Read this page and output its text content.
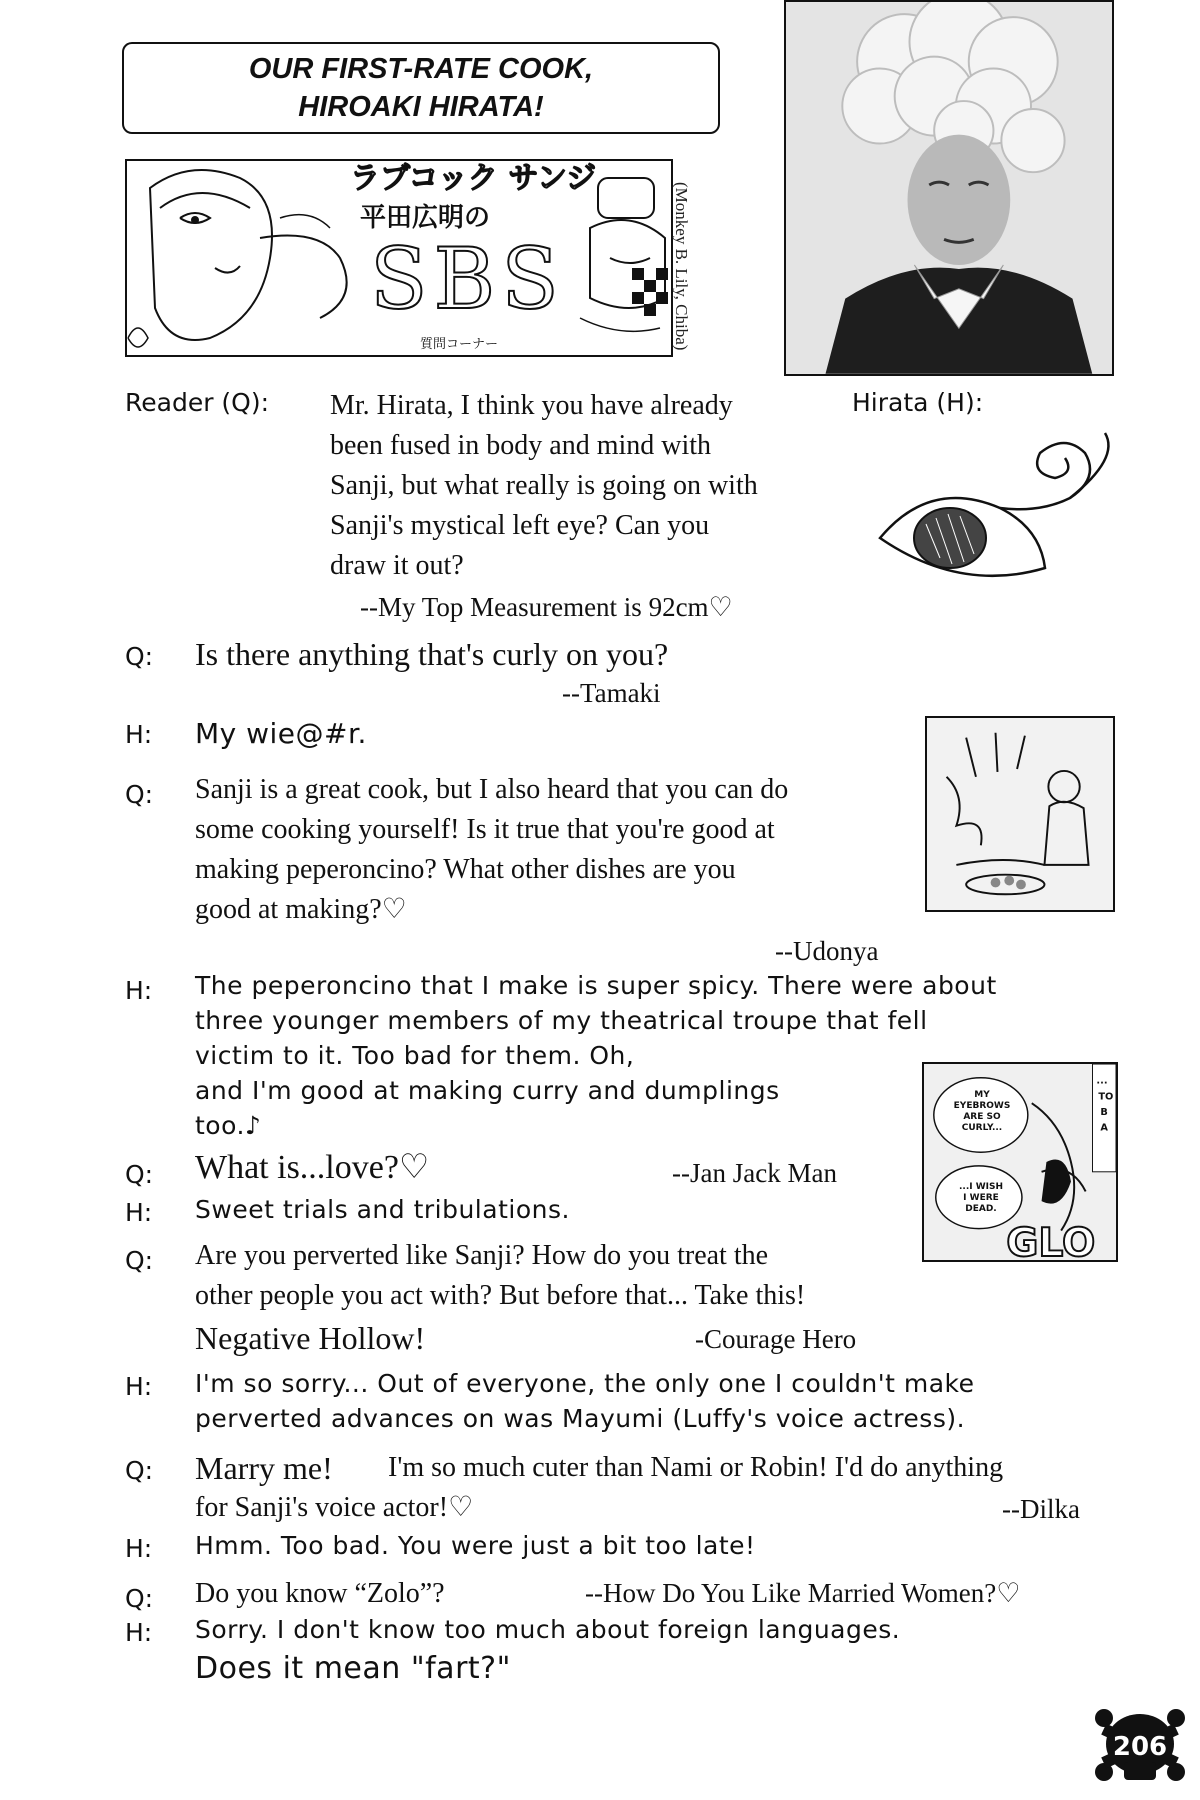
OUR FIRST-RATE COOK,
HIROAKI HIRATA!
ラブコック サンジ
平田広明の
SBS
質問コーナー	(Monkey B. Lily, Chiba)
Reader (Q):	Hirata (H):
Mr. Hirata, I think you have already
been fused in body and mind with
Sanji, but what really is going on with
Sanji's mystical left eye? Can you
draw it out?
--My Top Measurement is 92cm♡
Q: Is there anything that's curly on you?
--Tamaki
H: My wie@#r.
Q: Sanji is a great cook, but I also heard that you can do
some cooking yourself! Is it true that you're good at
making peperoncino? What other dishes are you
good at making?♡
--Udonya
H: The peperoncino that I make is super spicy. There were about
three younger members of my theatrical troupe that fell
victim to it. Too bad for them. Oh,
and I'm good at making curry and dumplings
too.♪
...
TO
B
A
GLO
MY
EYEBROWS
ARE SO
CURLY...
...I WISH
I WERE
DEAD.
Q: What is...love?♡	--Jan Jack Man
H: Sweet trials and tribulations.
Q: Are you perverted like Sanji? How do you treat the
other people you act with? But before that... Take this!
Negative Hollow!	-Courage Hero
H: I'm so sorry... Out of everyone, the only one I couldn't make
perverted advances on was Mayumi (Luffy's voice actress).
Q: Marry me! I'm so much cuter than Nami or Robin! I'd do anything
for Sanji's voice actor!♡	--Dilka
H: Hmm. Too bad. You were just a bit too late!
Q: Do you know “Zolo”?	--How Do You Like Married Women?♡
H: Sorry. I don't know too much about foreign languages.
Does it mean "fart?"
206
